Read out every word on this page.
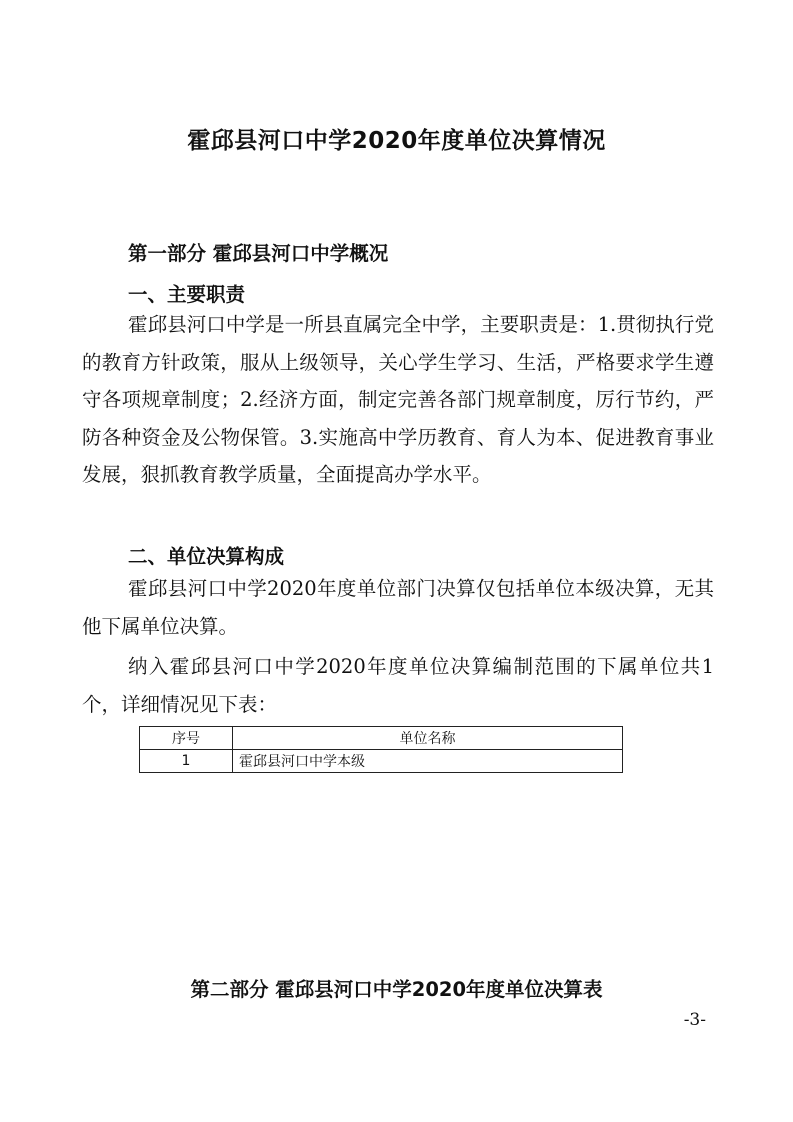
霍邱县河口中学2020年度单位决算情况
第一部分 霍邱县河口中学概况
一、主要职责

霍邱县河口中学是一所县直属完全中学，主要职责是：1.贯彻执行党的教育方针政策，服从上级领导，关心学生学习、生活，严格要求学生遵守各项规章制度；2.经济方面，制定完善各部门规章制度，厉行节约，严防各种资金及公物保管。3.实施高中学历教育、育人为本、促进教育事业发展，狠抓教育教学质量，全面提高办学水平。

二、单位决算构成

霍邱县河口中学2020年度单位部门决算仅包括单位本级决算，无其他下属单位决算。

纳入霍邱县河口中学2020年度单位决算编制范围的下属单位共1个，详细情况见下表：

序号	单位名称
1	霍邱县河口中学本级
第二部分 霍邱县河口中学2020年度单位决算表
-3-
